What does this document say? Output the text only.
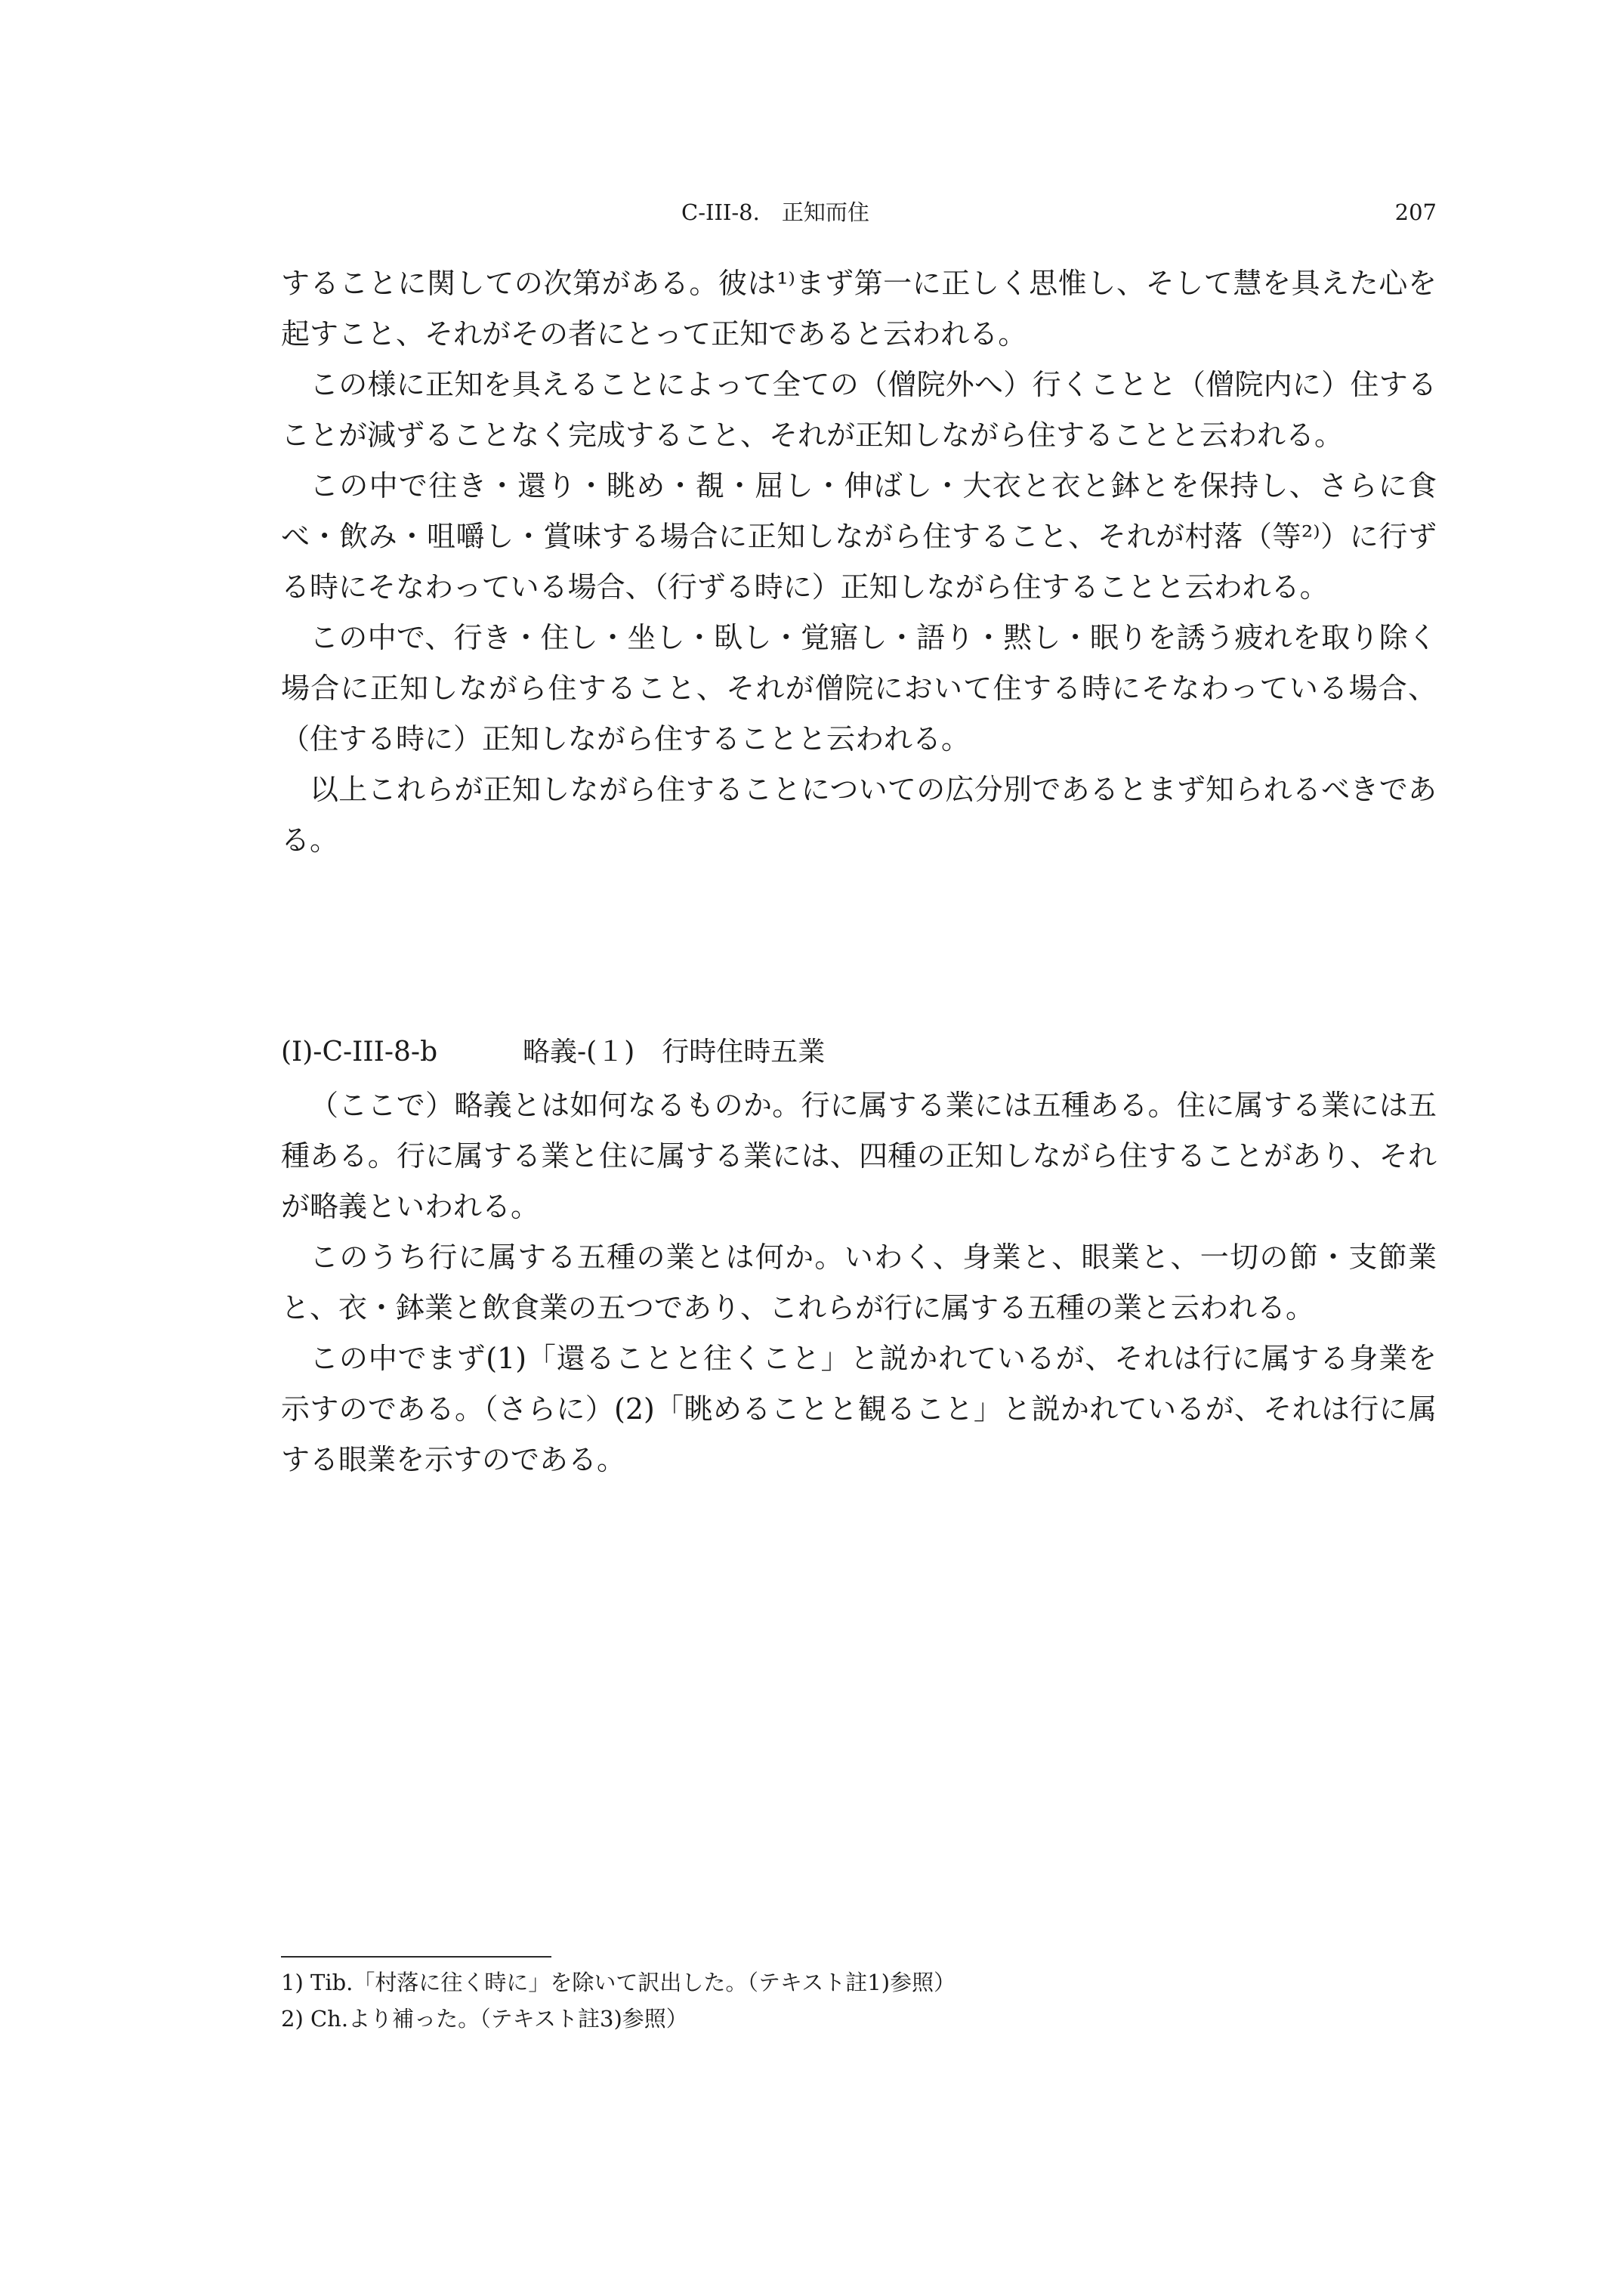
C-III-8.　正知而住	207

することに関しての次第がある。彼は¹⁾まず第一に正しく思惟し、そして慧を具えた心を起すこと、それがその者にとって正知であると云われる。

この様に正知を具えることによって全ての（僧院外へ）行くことと（僧院内に）住することが減ずることなく完成すること、それが正知しながら住することと云われる。

この中で往き・還り・眺め・覩・屈し・伸ばし・大衣と衣と鉢とを保持し、さらに食べ・飲み・咀嚼し・賞味する場合に正知しながら住すること、それが村落（等²⁾）に行ずる時にそなわっている場合、（行ずる時に）正知しながら住することと云われる。

この中で、行き・住し・坐し・臥し・覚寤し・語り・黙し・眠りを誘う疲れを取り除く場合に正知しながら住すること、それが僧院において住する時にそなわっている場合、（住する時に）正知しながら住することと云われる。

以上これらが正知しながら住することについての広分別であるとまず知られるべきである。

(I)-C-III-8-b	略義-(１)　行時住時五業

（ここで）略義とは如何なるものか。行に属する業には五種ある。住に属する業には五種ある。行に属する業と住に属する業には、四種の正知しながら住することがあり、それが略義といわれる。

このうち行に属する五種の業とは何か。いわく、身業と、眼業と、一切の節・支節業と、衣・鉢業と飲食業の五つであり、これらが行に属する五種の業と云われる。

この中でまず(1)「還ることと往くこと」と説かれているが、それは行に属する身業を示すのである。（さらに）(2)「眺めることと観ること」と説かれているが、それは行に属する眼業を示すのである。

1) Tib.「村落に往く時に」を除いて訳出した。（テキスト註1)参照）

2) Ch.より補った。（テキスト註3)参照）
